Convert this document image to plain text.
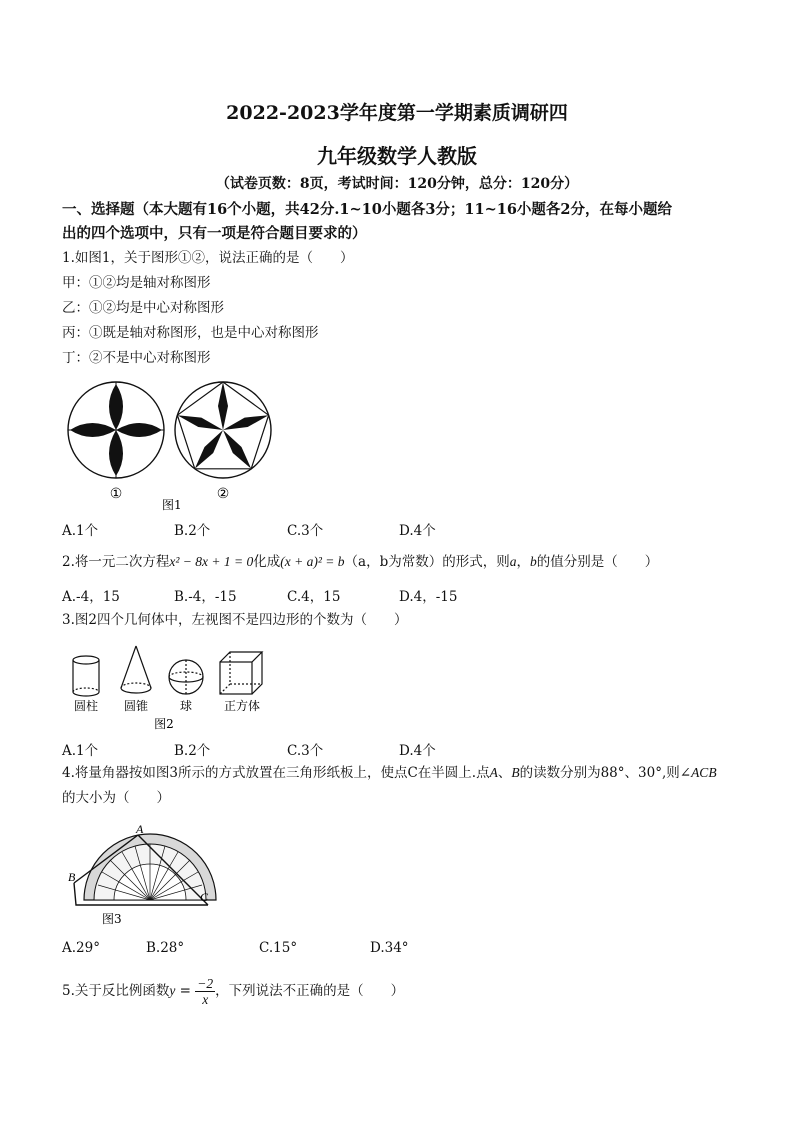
2022-2023学年度第一学期素质调研四
九年级数学人教版
（试卷页数：8页，考试时间：120分钟，总分：120分）
一、选择题（本大题有16个小题，共42分.1~10小题各3分；11~16小题各2分，在每小题给
出的四个选项中，只有一项是符合题目要求的）
1.如图1，关于图形①②，说法正确的是（　　）
甲：①②均是轴对称图形
乙：①②均是中心对称图形
丙：①既是轴对称图形，也是中心对称图形
丁：②不是中心对称图形
①	②
图1
A.1个	B.2个	C.3个	D.4个
2.将一元二次方程x² − 8x + 1 = 0化成(x + a)² = b（a，b为常数）的形式，则a，b的值分别是（　　）
A.-4，15	B.-4，-15	C.4，15	D.4，-15
3.图2四个几何体中，左视图不是四边形的个数为（　　）
圆柱 圆锥	球	正方体
图2
A.1个	B.2个	C.3个	D.4个
4.将量角器按如图3所示的方式放置在三角形纸板上，使点C在半圆上.点A、B的读数分别为88°、30°,则∠ACB
的大小为（　　）
A
B
C
图3
A.29°	B.28°	C.15°	D.34°
5.关于反比例函数$y = \frac{-2}{x}$ ，下列说法不正确的是（　　）
